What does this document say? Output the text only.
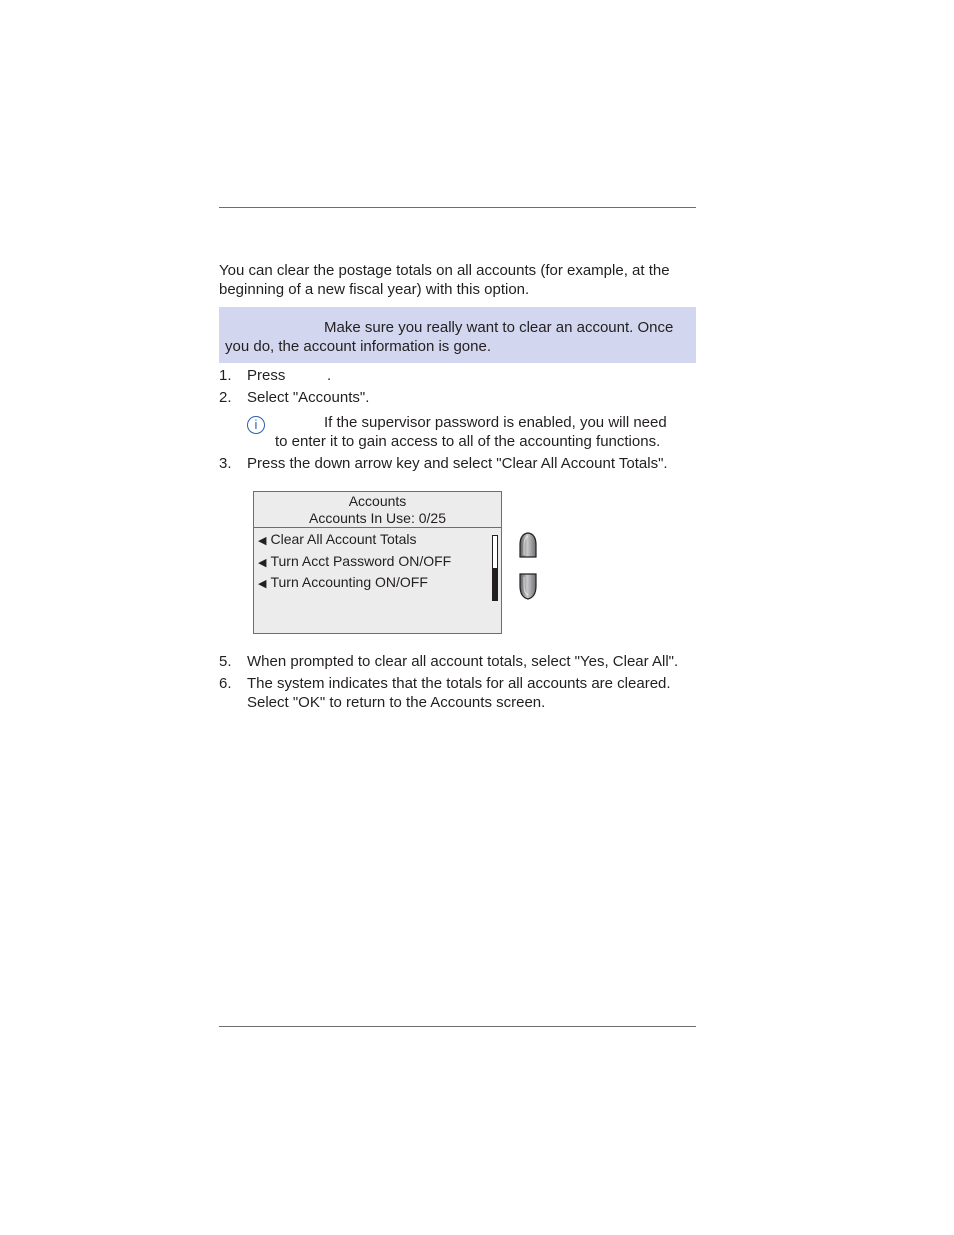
You can clear the postage totals on all accounts (for example, at the beginning of a new fiscal year) with this option.
Make sure you really want to clear an account. Once
you do, the account information is gone.
1. Press          .
2. Select "Accounts".
i	If the supervisor password is enabled, you will need
to enter it to gain access to all of the accounting functions.
3. Press the down arrow key and select "Clear All Account Totals".
Accounts
Accounts In Use: 0/25
◀ Clear All Account Totals
◀ Turn Acct Password ON/OFF
◀ Turn Accounting ON/OFF
5. When prompted to clear all account totals, select "Yes, Clear All".
6. The system indicates that the totals for all accounts are cleared.
Select "OK" to return to the Accounts screen.
